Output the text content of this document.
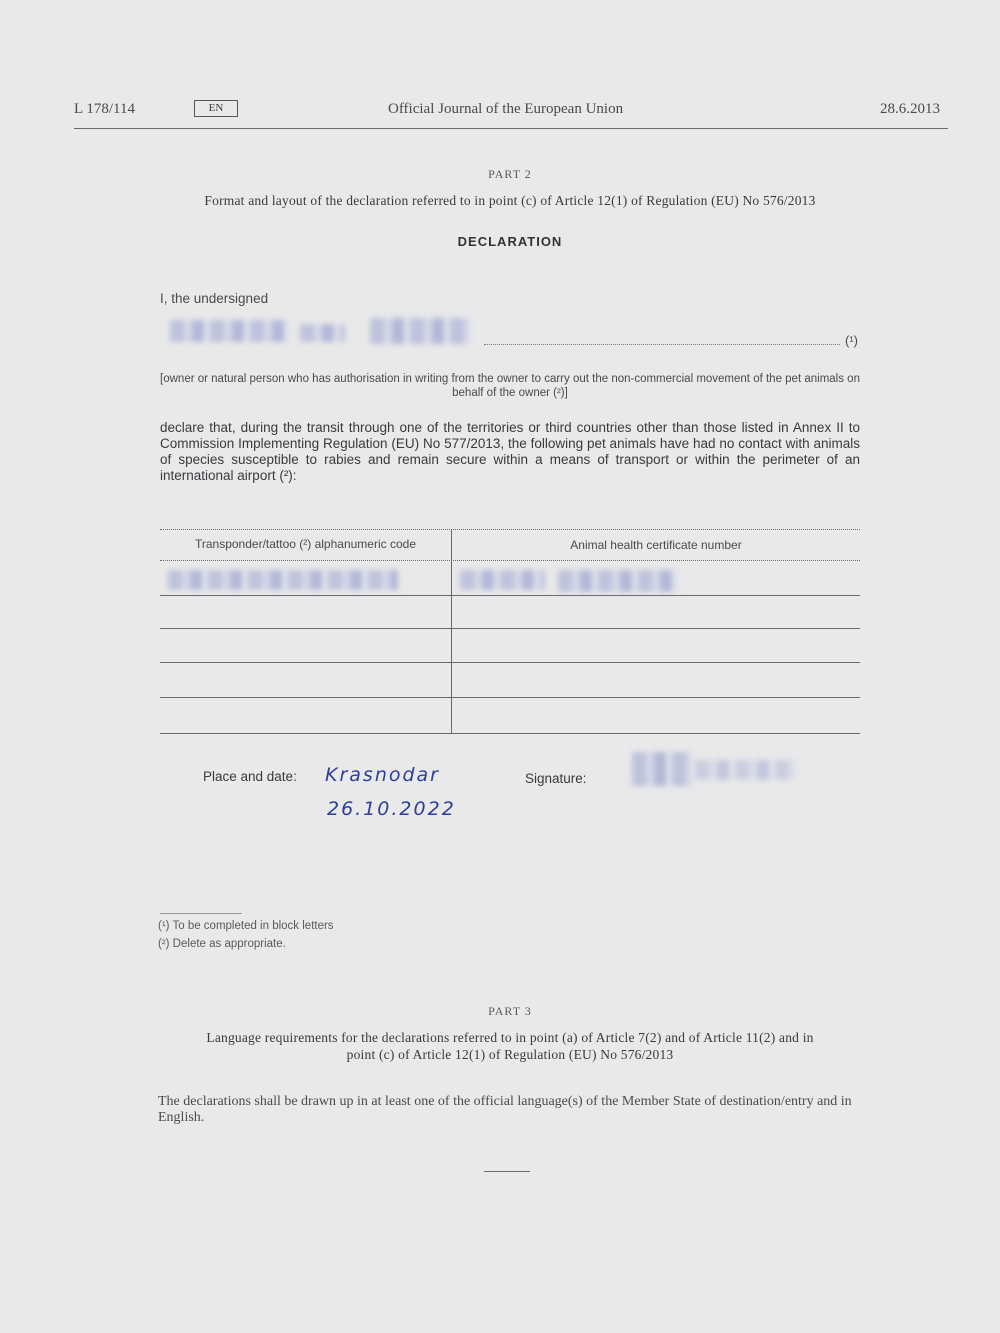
L 178/114	EN	Official Journal of the European Union	28.6.2013
PART 2
Format and layout of the declaration referred to in point (c) of Article 12(1) of Regulation (EU) No 576/2013
DECLARATION
I, the undersigned
(¹)
[owner or natural person who has authorisation in writing from the owner to carry out the non-commercial movement of the pet animals on behalf of the owner (²)]
declare that, during the transit through one of the territories or third countries other than those listed in Annex II to Commission Implementing Regulation (EU) No 577/2013, the following pet animals have had no contact with animals of species susceptible to rabies and remain secure within a means of transport or within the perimeter of an international airport (²):
Transponder/tattoo (²) alphanumeric code	Animal health certificate number
Place and date: Krasnodar
26.10.2022
Signature:
(¹) To be completed in block letters
(²) Delete as appropriate.
PART 3
Language requirements for the declarations referred to in point (a) of Article 7(2) and of Article 11(2) and in
point (c) of Article 12(1) of Regulation (EU) No 576/2013
The declarations shall be drawn up in at least one of the official language(s) of the Member State of destination/entry and in English.
